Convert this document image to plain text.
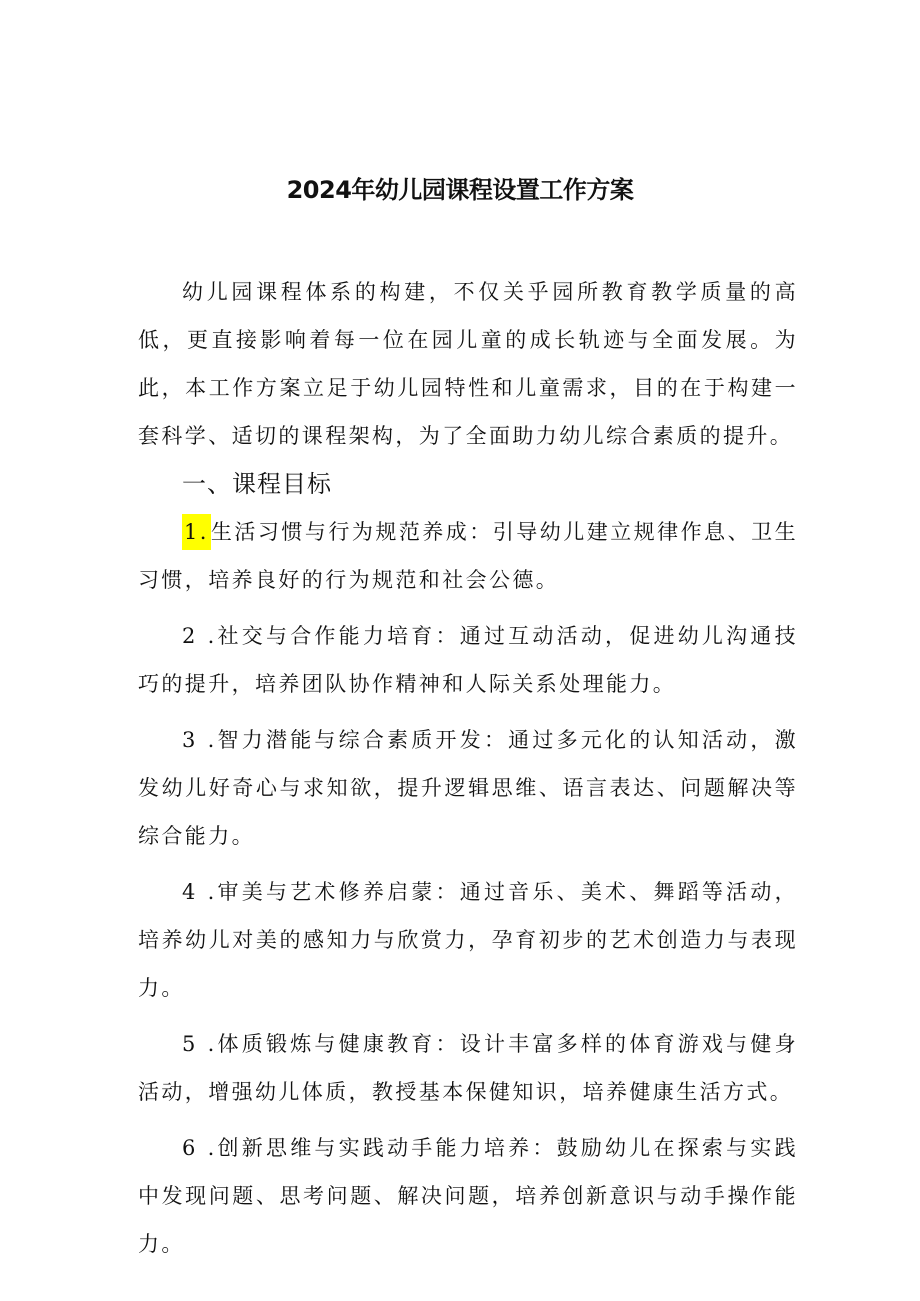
2024年幼儿园课程设置工作方案

幼儿园课程体系的构建，不仅关乎园所教育教学质量的高低，更直接影响着每一位在园儿童的成长轨迹与全面发展。为此，本工作方案立足于幼儿园特性和儿童需求，目的在于构建一套科学、适切的课程架构，为了全面助力幼儿综合素质的提升。

一、课程目标

1.生活习惯与行为规范养成：引导幼儿建立规律作息、卫生习惯，培养良好的行为规范和社会公德。

2 .社交与合作能力培育：通过互动活动，促进幼儿沟通技巧的提升，培养团队协作精神和人际关系处理能力。

3 .智力潜能与综合素质开发：通过多元化的认知活动，激发幼儿好奇心与求知欲，提升逻辑思维、语言表达、问题解决等综合能力。

4 .审美与艺术修养启蒙：通过音乐、美术、舞蹈等活动，培养幼儿对美的感知力与欣赏力，孕育初步的艺术创造力与表现力。

5 .体质锻炼与健康教育：设计丰富多样的体育游戏与健身活动，增强幼儿体质，教授基本保健知识，培养健康生活方式。

6 .创新思维与实践动手能力培养：鼓励幼儿在探索与实践中发现问题、思考问题、解决问题，培养创新意识与动手操作能力。
